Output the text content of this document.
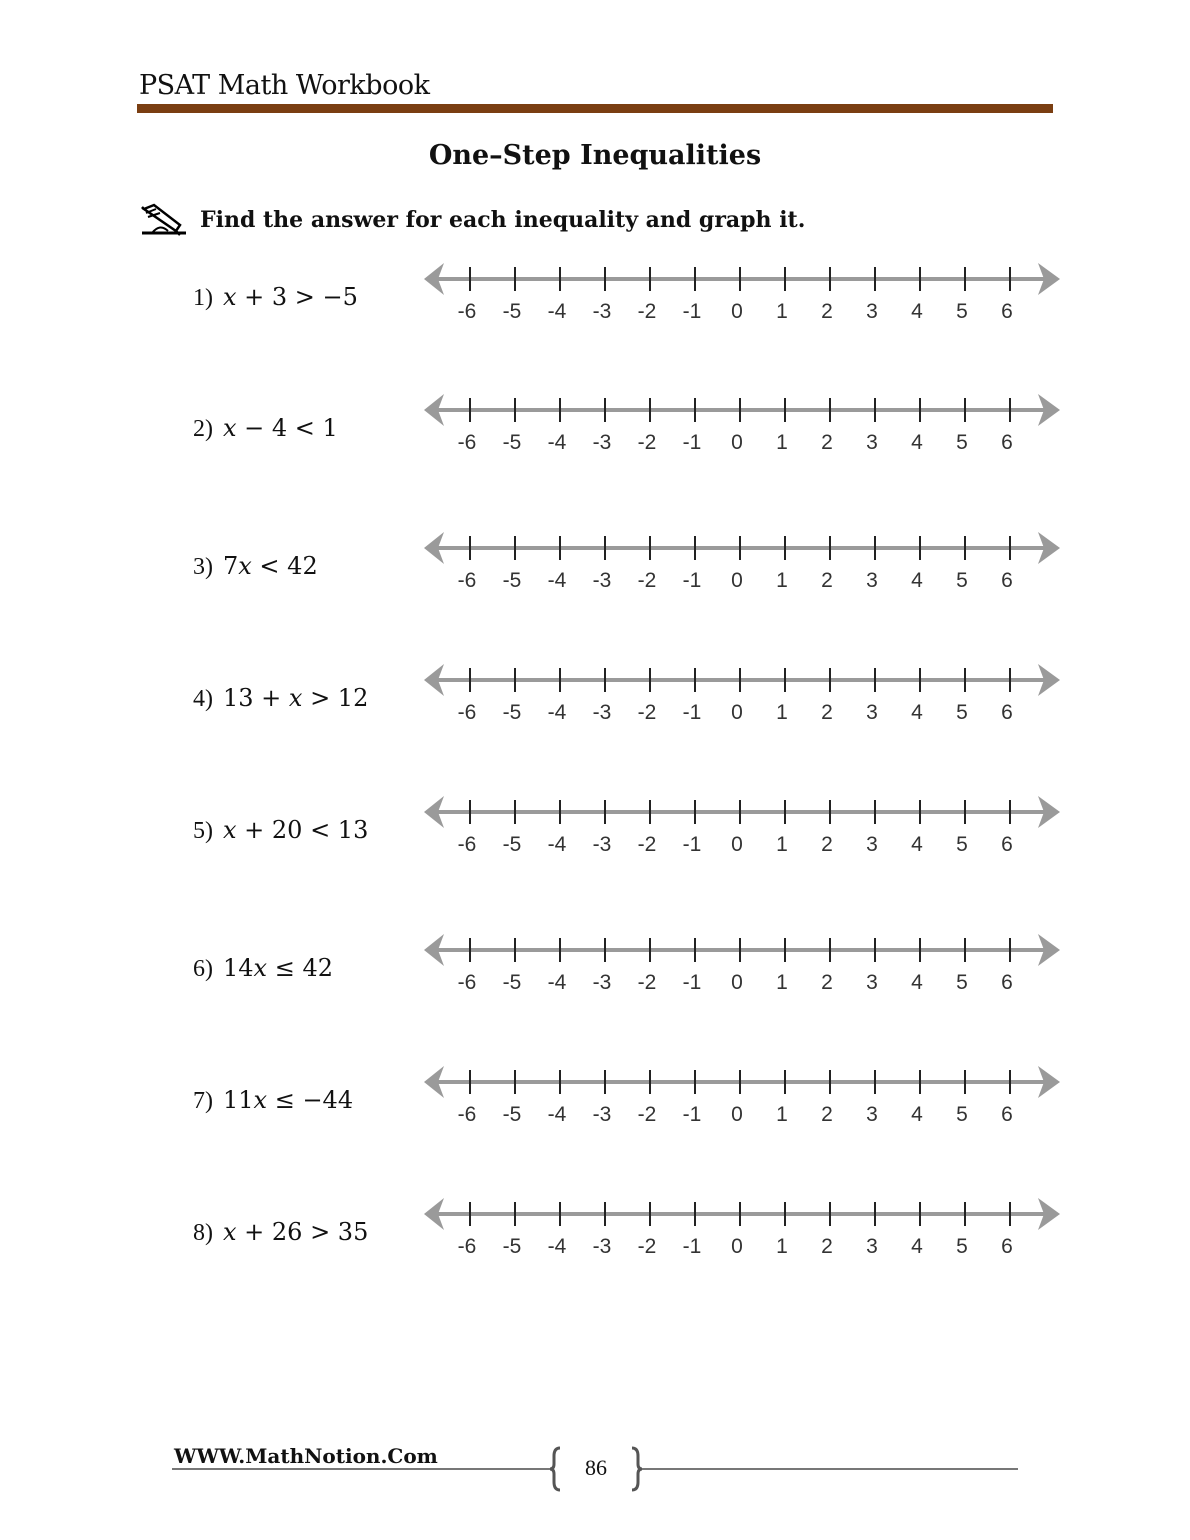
PSAT Math Workbook
One–Step Inequalities
Find the answer for each inequality and graph it.
1) 𝑥 + 3 > −5
-6 -5 -4 -3 -2 -1 0 1 2 3 4 5 6
2) 𝑥 − 4 < 1
-6 -5 -4 -3 -2 -1 0 1 2 3 4 5 6
3) 7𝑥 < 42
-6 -5 -4 -3 -2 -1 0 1 2 3 4 5 6
4) 13 + 𝑥 > 12
-6 -5 -4 -3 -2 -1 0 1 2 3 4 5 6
5) 𝑥 + 20 < 13
-6 -5 -4 -3 -2 -1 0 1 2 3 4 5 6
6) 14𝑥 ≤ 42
-6 -5 -4 -3 -2 -1 0 1 2 3 4 5 6
7) 11𝑥 ≤ −44
-6 -5 -4 -3 -2 -1 0 1 2 3 4 5 6
8) 𝑥 + 26 > 35
-6 -5 -4 -3 -2 -1 0 1 2 3 4 5 6
WWW.MathNotion.Com	86
